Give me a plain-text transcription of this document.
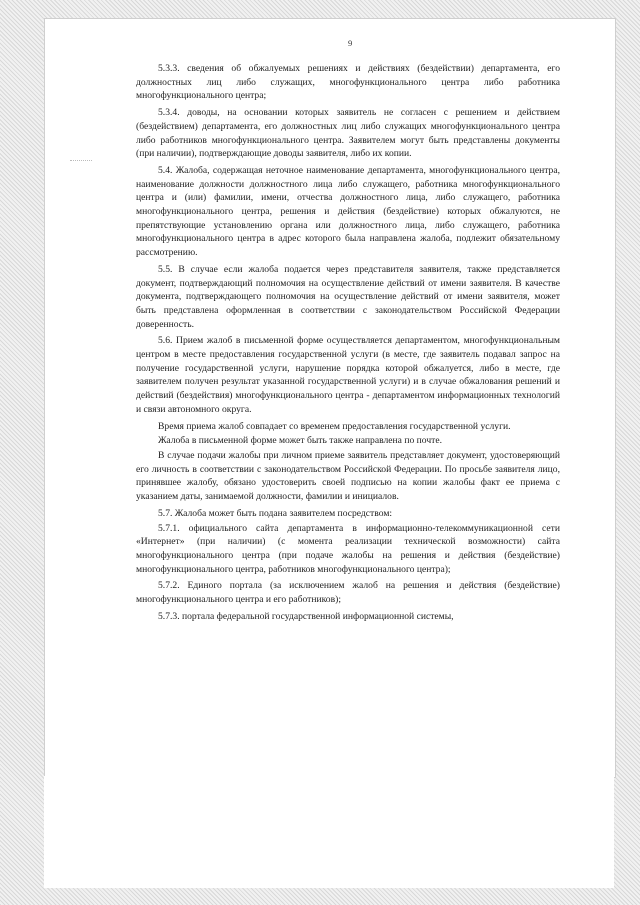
9

5.3.3. сведения об обжалуемых решениях и действиях (бездействии) департамента, его должностных лиц либо служащих, многофункционального центра либо работника многофункционального центра;

5.3.4. доводы, на основании которых заявитель не согласен с решением и действием (бездействием) департамента, его должностных лиц либо служащих многофункционального центра либо работников многофункционального центра. Заявителем могут быть представлены документы (при наличии), подтверждающие доводы заявителя, либо их копии.

5.4. Жалоба, содержащая неточное наименование департамента, многофункционального центра, наименование должности должностного лица либо служащего, работника многофункционального центра и (или) фамилии, имени, отчества должностного лица, либо служащего, работника многофункционального центра, решения и действия (бездействие) которых обжалуются, не препятствующие установлению органа или должностного лица, либо служащего, работника многофункционального центра в адрес которого была направлена жалоба, подлежит обязательному рассмотрению.

5.5. В случае если жалоба подается через представителя заявителя, также представляется документ, подтверждающий полномочия на осуществление действий от имени заявителя. В качестве документа, подтверждающего полномочия на осуществление действий от имени заявителя, может быть представлена оформленная в соответствии с законодательством Российской Федерации доверенность.

5.6. Прием жалоб в письменной форме осуществляется департаментом, многофункциональным центром в месте предоставления государственной услуги (в месте, где заявитель подавал запрос на получение государственной услуги, нарушение порядка которой обжалуется, либо в месте, где заявителем получен результат указанной государственной услуги) и в случае обжалования решений и действий (бездействия) многофункционального центра - департаментом информационных технологий и связи автономного округа.

Время приема жалоб совпадает со временем предоставления государственной услуги.

Жалоба в письменной форме может быть также направлена по почте.

В случае подачи жалобы при личном приеме заявитель представляет документ, удостоверяющий его личность в соответствии с законодательством Российской Федерации. По просьбе заявителя лицо, принявшее жалобу, обязано удостоверить своей подписью на копии жалобы факт ее приема с указанием даты, занимаемой должности, фамилии и инициалов.

5.7. Жалоба может быть подана заявителем посредством:

5.7.1. официального сайта департамента в информационно-телекоммуникационной сети «Интернет» (при наличии) (с момента реализации технической возможности) сайта многофункционального центра (при подаче жалобы на решения и действия (бездействие) многофункционального центра, работников многофункционального центра);

5.7.2. Единого портала (за исключением жалоб на решения и действия (бездействие) многофункционального центра и его работников);

5.7.3. портала федеральной государственной информационной системы,
